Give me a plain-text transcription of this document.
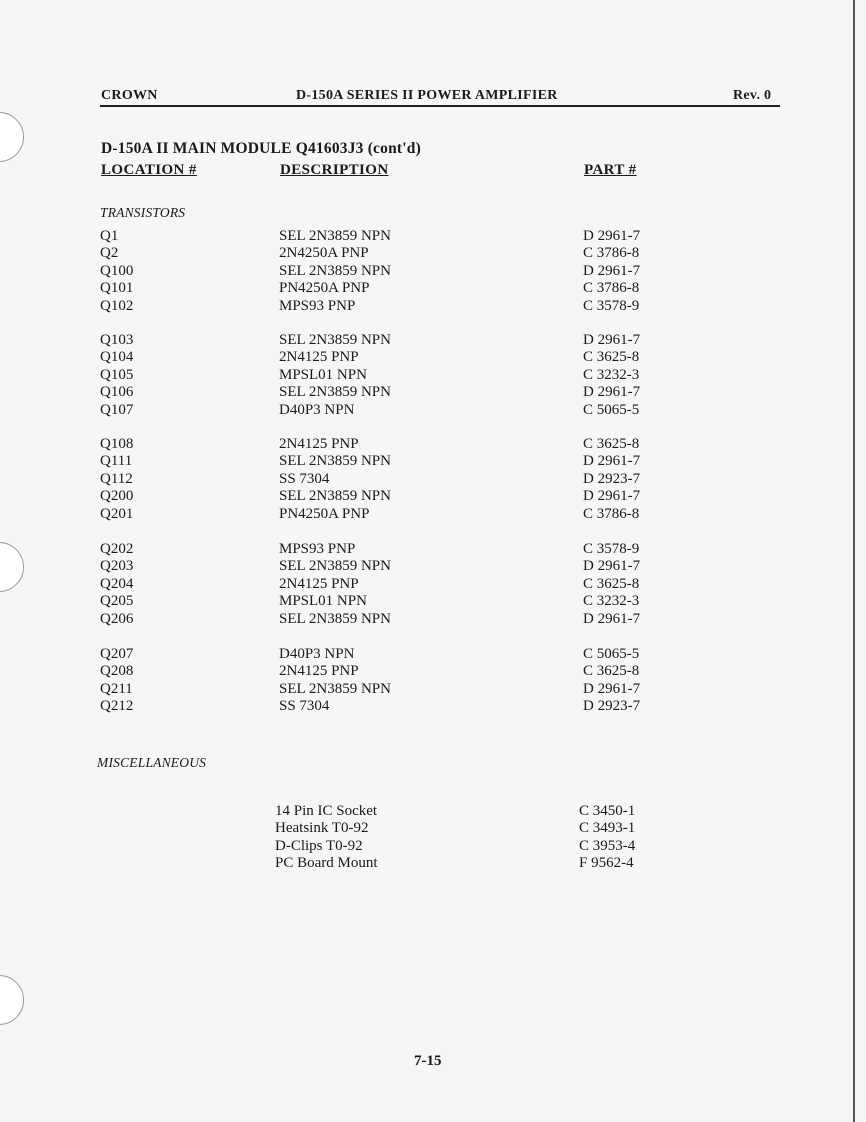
CROWN	D-150A SERIES II POWER AMPLIFIER	Rev. 0
D-150A II MAIN MODULE Q41603J3 (cont'd)
LOCATION #	DESCRIPTION	PART #
TRANSISTORS
Q1	SEL 2N3859 NPN	D 2961-7
Q2	2N4250A PNP	C 3786-8
Q100	SEL 2N3859 NPN	D 2961-7
Q101	PN4250A PNP	C 3786-8
Q102	MPS93 PNP	C 3578-9
Q103	SEL 2N3859 NPN	D 2961-7
Q104	2N4125 PNP	C 3625-8
Q105	MPSL01 NPN	C 3232-3
Q106	SEL 2N3859 NPN	D 2961-7
Q107	D40P3 NPN	C 5065-5
Q108	2N4125 PNP	C 3625-8
Q111	SEL 2N3859 NPN	D 2961-7
Q112	SS 7304	D 2923-7
Q200	SEL 2N3859 NPN	D 2961-7
Q201	PN4250A PNP	C 3786-8
Q202	MPS93 PNP	C 3578-9
Q203	SEL 2N3859 NPN	D 2961-7
Q204	2N4125 PNP	C 3625-8
Q205	MPSL01 NPN	C 3232-3
Q206	SEL 2N3859 NPN	D 2961-7
Q207	D40P3 NPN	C 5065-5
Q208	2N4125 PNP	C 3625-8
Q211	SEL 2N3859 NPN	D 2961-7
Q212	SS 7304	D 2923-7
MISCELLANEOUS
14 Pin IC Socket	C 3450-1
Heatsink T0-92	C 3493-1
D-Clips T0-92	C 3953-4
PC Board Mount	F 9562-4
7-15
